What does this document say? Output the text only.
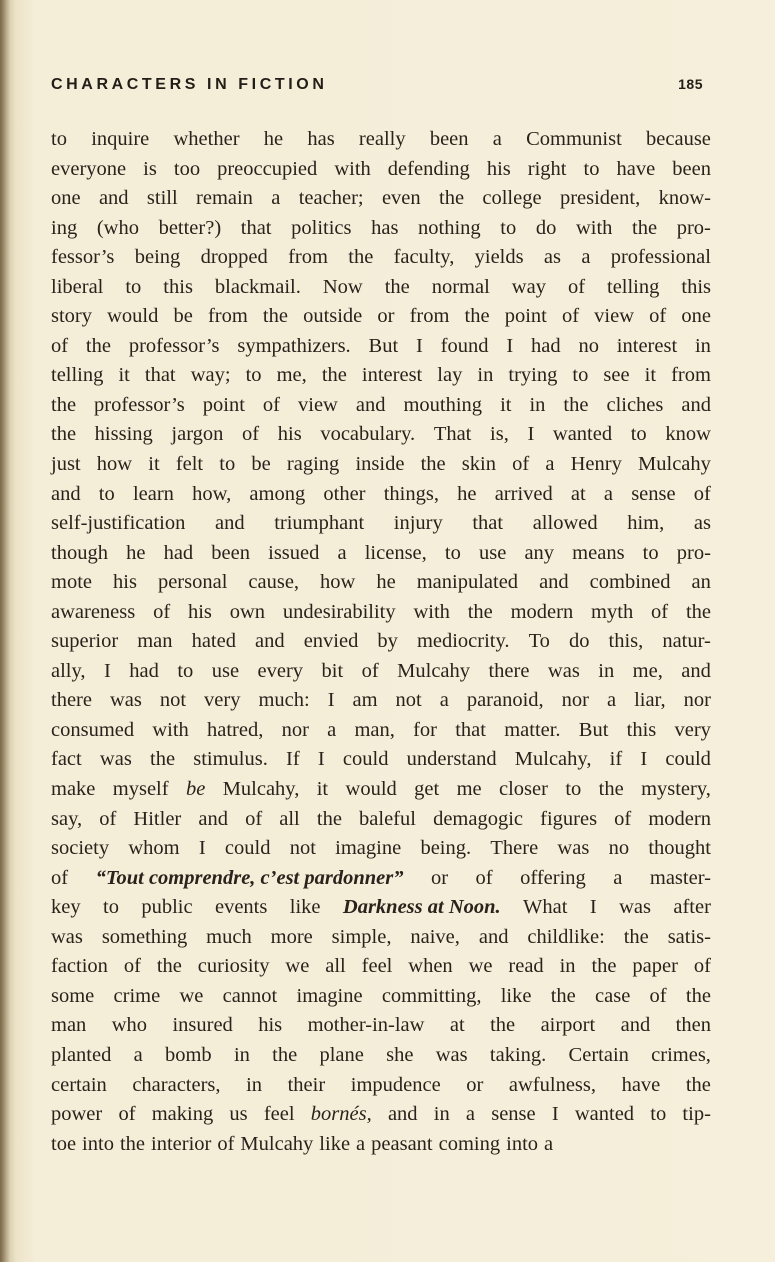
CHARACTERS IN FICTION	185
to inquire whether he has really been a Communist because
everyone is too preoccupied with defending his right to have been
one and still remain a teacher; even the college president, know-
ing (who better?) that politics has nothing to do with the pro-
fessor’s being dropped from the faculty, yields as a professional
liberal to this blackmail. Now the normal way of telling this
story would be from the outside or from the point of view of one
of the professor’s sympathizers. But I found I had no interest in
telling it that way; to me, the interest lay in trying to see it from
the professor’s point of view and mouthing it in the cliches and
the hissing jargon of his vocabulary. That is, I wanted to know
just how it felt to be raging inside the skin of a Henry Mulcahy
and to learn how, among other things, he arrived at a sense of
self-justification and triumphant injury that allowed him, as
though he had been issued a license, to use any means to pro-
mote his personal cause, how he manipulated and combined an
awareness of his own undesirability with the modern myth of the
superior man hated and envied by mediocrity. To do this, natur-
ally, I had to use every bit of Mulcahy there was in me, and
there was not very much: I am not a paranoid, nor a liar, nor
consumed with hatred, nor a man, for that matter. But this very
fact was the stimulus. If I could understand Mulcahy, if I could
make myself be Mulcahy, it would get me closer to the mystery,
say, of Hitler and of all the baleful demagogic figures of modern
society whom I could not imagine being. There was no thought
of “Tout comprendre, c’est pardonner” or of offering a master-
key to public events like Darkness at Noon. What I was after
was something much more simple, naive, and childlike: the satis-
faction of the curiosity we all feel when we read in the paper of
some crime we cannot imagine committing, like the case of the
man who insured his mother-in-law at the airport and then
planted a bomb in the plane she was taking. Certain crimes,
certain characters, in their impudence or awfulness, have the
power of making us feel bornés, and in a sense I wanted to tip-
toe into the interior of Mulcahy like a peasant coming into a
